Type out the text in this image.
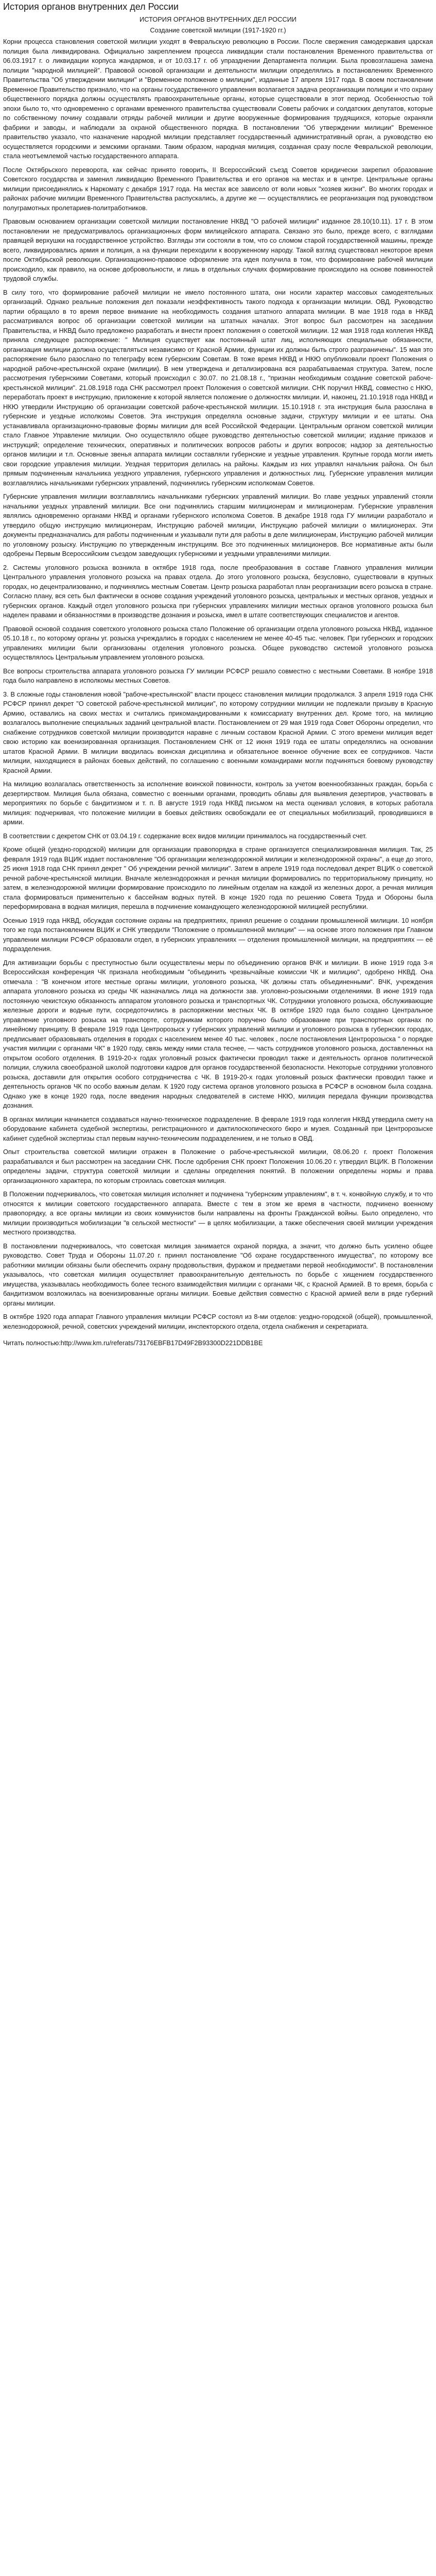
История органов внутренних дел России
ИСТОРИЯ ОРГАНОВ ВНУТРЕННИХ ДЕЛ РОССИИ
Создание советской милиции (1917-1920 гг.)

Корни процесса становления советской милиции уходят в Февральскую революцию в России. После свержения самодержавия царская полиция была ликвидирована. Официально закреплением процесса ликвидации стали постановления Временного правительства от 06.03.1917 г. о ликвидации корпуса жандармов, и от 10.03.17 г. об упразднении Департамента полиции. Была провозглашена замена полиции "народной милицией". Правовой основой организации и деятельности милиции определялись в постановлениях Временного Правительства "Об утверждении милиции" и "Временное положение о милиции", изданные 17 апреля 1917 года. В своем постановлении Временное Правительство признало, что на органы государственного управления возлагается задача реорганизации полиции и что охрану общественного порядка должны осуществлять правоохранительные органы, которые существовали в этот период. Особенностью той эпохи было то, что одновременно с органами временного правительства существовали Советы рабочих и солдатских депутатов, которые по собственному почину создавали отряды рабочей милиции и другие вооруженные формирования трудящихся, которые охраняли фабрики и заводы, и наблюдали за охраной общественного порядка. В постановлении "Об утверждении милиции" Временное правительство указало, что назначение народной милиции представляет государственный административный орган, а руководство ею осуществляется городскими и земскими органами. Таким образом, народная милиция, созданная сразу после Февральской революции, стала неотъемлемой частью государственного аппарата.

После Октябрьского переворота, как сейчас принято говорить, II Всероссийский съезд Советов юридически закрепил образование Советского государства и заменил ликвидацию Временного Правительства и его органов на местах и в центре. Центральные органы милиции присоединялись к Наркомату с декабря 1917 года. На местах все зависело от воли новых "хозяев жизни". Во многих городах и районах рабочие милиции Временного Правительства распускались, а другие же — осуществлялись ее реорганизация под руководством полуграмотных пролетариев-политработников.

Правовым основанием организации советской милиции постановление НКВД "О рабочей милиции" изданное 28.10(10.11). 17 г. В этом постановлении не предусматривалось организационных форм милицейского аппарата. Связано это было, прежде всего, с взглядами правящей верхушки на государственное устройство. Взгляды эти состояли в том, что со сломом старой государственной машины, прежде всего, ликвидировались армия и полиция, а на функции переходили к вооруженному народу. Такой взгляд существовал некоторое время после Октябрьской революции. Организационно-правовое оформление эта идея получила в том, что формирование рабочей милиции происходило, как правило, на основе добровольности, и лишь в отдельных случаях формирование происходило на основе повинностей трудовой службы.

В силу того, что формирование рабочей милиции не имело постоянного штата, они носили характер массовых самодеятельных организаций. Однако реальные положения дел показали неэффективность такого подхода к организации милиции. ОВД. Руководство партии обращало в то время первое внимание на необходимость создания штатного аппарата милиции. В мае 1918 года в НКВД рассматривался вопрос об организации советской милиции на штатных началах. Этот вопрос был рассмотрен на заседании Правительства, и НКВД было предложено разработать и внести проект положения о советской милиции. 12 мая 1918 года коллегия НКВД приняла следующее распоряжение: " Милиция существует как постоянный штат лиц, исполняющих специальные обязанности, организация милиции должна осуществляться независимо от Красной Армии, функции их должны быть строго разграничены". 15 мая это распоряжение было разослано по телеграфу всем губернским Советам. В тоже время НКВД и НКЮ опубликовали проект Положения о народной рабоче-крестьянской охране (милиции). В нем утверждена и детализирована вся разрабатываемая структура. Затем, после рассмотрения губернскими Советами, который происходил с 30.07. по 21.08.18 г., "признан необходимым создание советской рабоче-крестьянской милиции". 21.08.1918 года СНК рассмотрел проект Положения о советской милиции. СНК поручил НКВД, совместно с НКЮ, переработать проект в инструкцию, приложение к которой является положение о должностях милиции. И, наконец, 21.10.1918 года НКВД и НКЮ утвердили Инструкцию об организации советской рабоче-крестьянской милиции. 15.10.1918 г. эта инструкция была разослана в губернские и уездные исполкомы Советов. Эта инструкция определяла основные задачи, структуру милиции и ее штаты. Она устанавливала организационно-правовые формы милиции для всей Российской Федерации. Центральным органом советской милиции стало Главное Управление милиции. Оно осуществляло общее руководство деятельностью советской милиции; издание приказов и инструкций; определение технических, оперативных и политических вопросов работы и других вопросов; надзор за деятельностью органов милиции и т.п. Основные звенья аппарата милиции составляли губернские и уездные управления. Крупные города могли иметь свои городские управления милиции. Уездная территория делилась на районы. Каждым из них управлял начальник района. Он был прямым подчиненным начальника уездного управления, губернского управления и должностных лиц. Губернские управления милиции возглавлялись начальниками губернских управлений, подчинялись губернским исполкомам Советов.

Губернские управления милиции возглавлялись начальниками губернских управлений милиции. Во главе уездных управлений стояли начальники уездных управлений милиции. Все они подчинялись старшим милиционерам и милиционерам. Губернские управления являлись одновременно органами НКВД и органами губернского исполкома Советов. В декабре 1918 года ГУ милиции разработало и утвердило общую инструкцию милиционерам, Инструкцию рабочей милиции, Инструкцию рабочей милиции о милиционерах. Эти документы предназначались для работы подчиненным и указывали пути для работы в деле милиционерам, Инструкцию рабочей милиции по уголовному розыску. Инструкцию по утвержденным инструкциям. Все это подчиненных милиционеров. Все нормативные акты были одобрены Первым Всероссийским съездом заведующих губернскими и уездными управлениями милиции.

2. Системы уголовного розыска возникла в октябре 1918 года, после преобразования в составе Главного управления милиции Центрального управления уголовного розыска на правах отдела. До этого уголовного розыска, безусловно, существовали в крупных городах, но децентрализованно, и подчинялись местным Советам. Центр розыска разработал план реорганизации всего розыска в стране. Согласно плану, вся сеть был фактически в основе создания учреждений уголовного розыска, центральных и местных органов, уездных и губернских органов. Каждый отдел уголовного розыска при губернских управлениях милиции местных органов уголовного розыска был наделен правами и обязанностями в производстве дознания и розыска, имел в штате соответствующих специалистов и агентов.

Правовой основой создания советского уголовного розыска стало Положение об организации отдела уголовного розыска НКВД, изданное 05.10.18 г., по которому органы уг. розыска учреждались в городах с населением не менее 40-45 тыс. человек. При губернских и городских управлениях милиции были организованы отделения уголовного розыска. Общее руководство системой уголовного розыска осуществлялось Центральным управлением уголовного розыска.

Все вопросы строительства аппарата уголовного розыска ГУ милиции РСФСР решало совместно с местными Советами. В ноябре 1918 года было направлено в исполкомы местных Советов.

3. В сложные годы становления новой "рабоче-крестьянской" власти процесс становления милиции продолжался. 3 апреля 1919 года СНК РСФСР принял декрет "О советской рабоче-крестьянской милиции", по которому сотрудники милиции не подлежали призыву в Красную Армию, оставались на своих местах и считались прикомандированными к комиссариату внутренних дел. Кроме того, на милицию возлагалось выполнение специальных заданий центральной власти. Постановлением от 29 мая 1919 года Совет Обороны определил, что снабжение сотрудников советской милиции производится наравне с личным составом Красной Армии. С этого времени милиция ведет свою историю как военизированная организация. Постановлением СНК от 12 июня 1919 года ее штаты определялись на основании штатов Красной Армии. В милиции вводилась воинская дисциплина и обязательное военное обучение всех ее сотрудников. Части милиции, находящиеся в районах боевых действий, по соглашению с военными командирами могли подчиняться боевому руководству Красной Армии.

На милицию возлагалась ответственность за исполнение воинской повинности, контроль за учетом военнообязанных граждан, борьба с дезертирством. Милиция была обязана, совместно с военными органами, проводить облавы для выявления дезертиров, участвовать в мероприятиях по борьбе с бандитизмом и т. п. В августе 1919 года НКВД письмом на места оценивал условия, в которых работала милиция: подчеркивая, что положение милиции в боевых действиях освобождали ее от специальных мобилизаций, проводившихся в армии.

В соответствии с декретом СНК от 03.04.19 г. содержание всех видов милиции принималось на государственный счет.

Кроме общей (уездно-городской) милиции для организации правопорядка в стране организуется специализированная милиция. Так, 25 февраля 1919 года ВЦИК издает постановление "Об организации железнодорожной милиции и железнодорожной охраны", а еще до этого, 25 июня 1918 года СНК принял декрет " Об учреждении речной милиции". Затем в апреле 1919 года последовал декрет ВЦИК о советской речной рабоче-крестьянской милиции. Вначале железнодорожная и речная милиции формировались по территориальному принципу, но затем, в железнодорожной милиции формирование происходило по линейным отделам на каждой из железных дорог, а речная милиция стала формироваться применительно к бассейнам водных путей. В конце 1920 года по решению Совета Труда и Обороны была переформирована в водная милиция, перешла в подчинение командующего железнодорожной милицией республики.

Осенью 1919 года НКВД, обсуждая состояние охраны на предприятиях, принял решение о создании промышленной милиции. 10 ноября того же года постановлением ВЦИК и СНК утвердили "Положение о промышленной милиции" — на основе этого положения при Главном управлении милиции РСФСР образовали отдел, в губернских управлениях — отделения промышленной милиции, на предприятиях — её подразделения.

Для активизации борьбы с преступностью были осуществлены меры по объединению органов ВЧК и милиции. В июне 1919 года 3-я Всероссийская конференция ЧК признала необходимым "объединить чрезвычайные комиссии ЧК и милицию", одобрено НКВД. Она отмечала : "В конечном итоге местные органы милиции, уголовного розыска, ЧК должны стать объединенными". ВЧК, учреждения аппарата уголовного розыска из среды ЧК назначались лица на должности зав. уголовно-розыскными отделениями. В июне 1919 года постоянную чекистскую обязанность аппаратом уголовного розыска и транспортных ЧК. Сотрудники уголовного розыска, обслуживающие железные дороги и водные пути, сосредоточились в распоряжении местных ЧК. В октябре 1920 года было создано Центральное управление уголовного розыска на транспорте, сотрудникам которого поручено было образование при транспортных органах по линейному принципу. В феврале 1919 года Центророзыск у губернских управлений милиции и уголовного розыска в губернских городах, предписывает образовывать отделения в городах с населением менее 40 тыс. человек , после постановления Центророзыска " о порядке участия милиции с органами ЧК" в 1920 году, связь между ними стала теснее, — часть сотрудников уголовного розыска, доставленных на открытом особого отделения. В 1919-20-х годах уголовный розыск фактически проводил также и деятельность органов политической полиции, служила своеобразной школой подготовки кадров для органов государственной безопасности. Некоторые сотрудники уголовного розыска, доставили для открытия особого сотрудничества с ЧК. В 1919-20-х годах уголовный розыск фактически проводил также и деятельность органов ЧК по особо важным делам. К 1920 году система органов уголовного розыска в РСФСР в основном была создана. Однако уже в конце 1920 года, после введения народных следователей в системе НКЮ, милиция передала функции производства дознания.

В органах милиции начинается создаваться научно-техническое подразделение. В феврале 1919 года коллегия НКВД утвердила смету на оборудование кабинета судебной экспертизы, регистрационного и дактилоскопического бюро и музея. Созданный при Центророзыске кабинет судебной экспертизы стал первым научно-техническим подразделением, и не только в ОВД.

Опыт строительства советской милиции отражен в Положение о рабоче-крестьянской милиции, 08.06.20 г. проект Положения разрабатывался и был рассмотрен на заседании СНК. После одобрения СНК проект Положения 10.06.20 г. утвердил ВЦИК. В Положении определены задачи, структура советской милиции и сделаны определения понятий. В положении определены нормы и права организационного характера, по которым строилась советская милиция.

В Положении подчеркивалось, что советская милиция исполняет и подчинена "губернским управлениям", в т. ч. конвойную службу, и то что относятся к милиции советского государственного аппарата. Вместе с тем в этом же время в частности, подчинено военному правопорядку, а все органы милиции из своих коммунистов были направлены на фронты Гражданской войны. Было определено, что милиции производиться мобилизации "в сельской местности" — в целях мобилизации, а также обеспечения своей милиции учреждения местного производства.

В постановлении подчеркивалось, что советская милиция занимается охраной порядка, а значит, что должно быть усилено общее руководство. Совет Труда и Обороны 11.07.20 г. принял постановление "Об охране государственного имущества", по которому все работники милиции обязаны были обеспечить охрану продовольствия, фуражом и предметами первой необходимости". В постановлении указывалось, что советская милиция осуществляет правоохранительную деятельность по борьбе с хищением государственного имущества, указывалась необходимость более тесного взаимодействия милиции с органами ЧК, с Красной Армией. В то время, борьба с бандитизмом возложилась на военизированные органы милиции. Боевые действия совместно с Красной армией вели в ряде губерний органы милиции.

В октябре 1920 года аппарат Главного управления милиции РСФСР состоял из 8-ми отделов: уездно-городской (общей), промышленной, железнодорожной, речной, советских учреждений милиции, инспекторского отдела, отдела снабжения и секретариата.

Читать полностью:http://www.km.ru/referats/73176EBFB17D49F2B93300D221DDB1BE
